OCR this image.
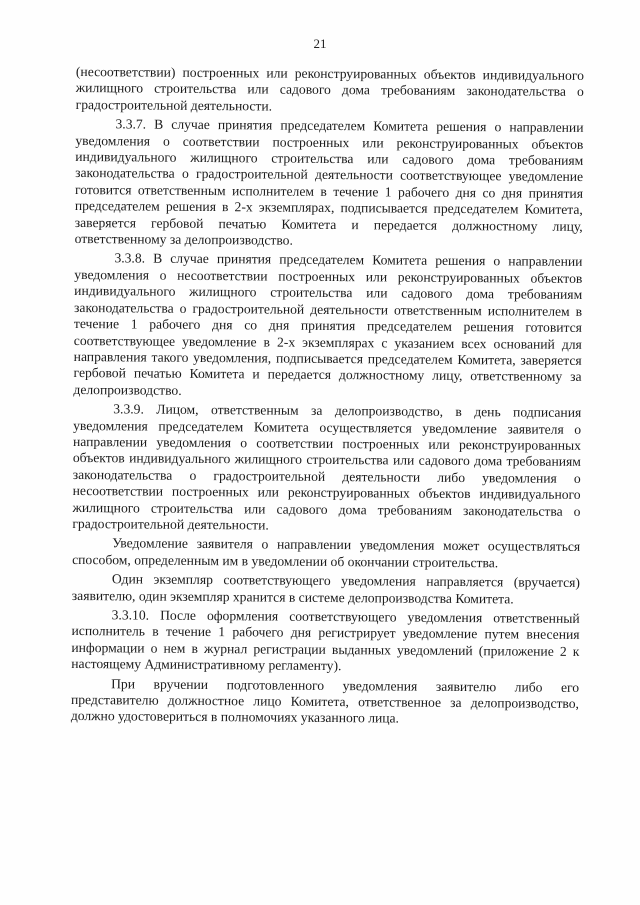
21

(несоответствии) построенных или реконструированных объектов индивидуального жилищного строительства или садового дома требованиям законодательства о градостроительной деятельности.

3.3.7. В случае принятия председателем Комитета решения о направлении уведомления о соответствии построенных или реконструированных объектов индивидуального жилищного строительства или садового дома требованиям законодательства о градостроительной деятельности соответствующее уведомление готовится ответственным исполнителем в течение 1 рабочего дня со дня принятия председателем решения в 2-х экземплярах, подписывается председателем Комитета, заверяется гербовой печатью Комитета и передается должностному лицу, ответственному за делопроизводство.

3.3.8. В случае принятия председателем Комитета решения о направлении уведомления о несоответствии построенных или реконструированных объектов индивидуального жилищного строительства или садового дома требованиям законодательства о градостроительной деятельности ответственным исполнителем в течение 1 рабочего дня со дня принятия председателем решения готовится соответствующее уведомление в 2-х экземплярах с указанием всех оснований для направления такого уведомления, подписывается председателем Комитета, заверяется гербовой печатью Комитета и передается должностному лицу, ответственному за делопроизводство.

3.3.9. Лицом, ответственным за делопроизводство, в день подписания уведомления председателем Комитета осуществляется уведомление заявителя о направлении уведомления о соответствии построенных или реконструированных объектов индивидуального жилищного строительства или садового дома требованиям законодательства о градостроительной деятельности либо уведомления о несоответствии построенных или реконструированных объектов индивидуального жилищного строительства или садового дома требованиям законодательства о градостроительной деятельности.

Уведомление заявителя о направлении уведомления может осуществляться способом, определенным им в уведомлении об окончании строительства.

Один экземпляр соответствующего уведомления направляется (вручается) заявителю, один экземпляр хранится в системе делопроизводства Комитета.

3.3.10. После оформления соответствующего уведомления ответственный исполнитель в течение 1 рабочего дня регистрирует уведомление путем внесения информации о нем в журнал регистрации выданных уведомлений (приложение 2 к настоящему Административному регламенту).

При вручении подготовленного уведомления заявителю либо его представителю должностное лицо Комитета, ответственное за делопроизводство, должно удостовериться в полномочиях указанного лица.
